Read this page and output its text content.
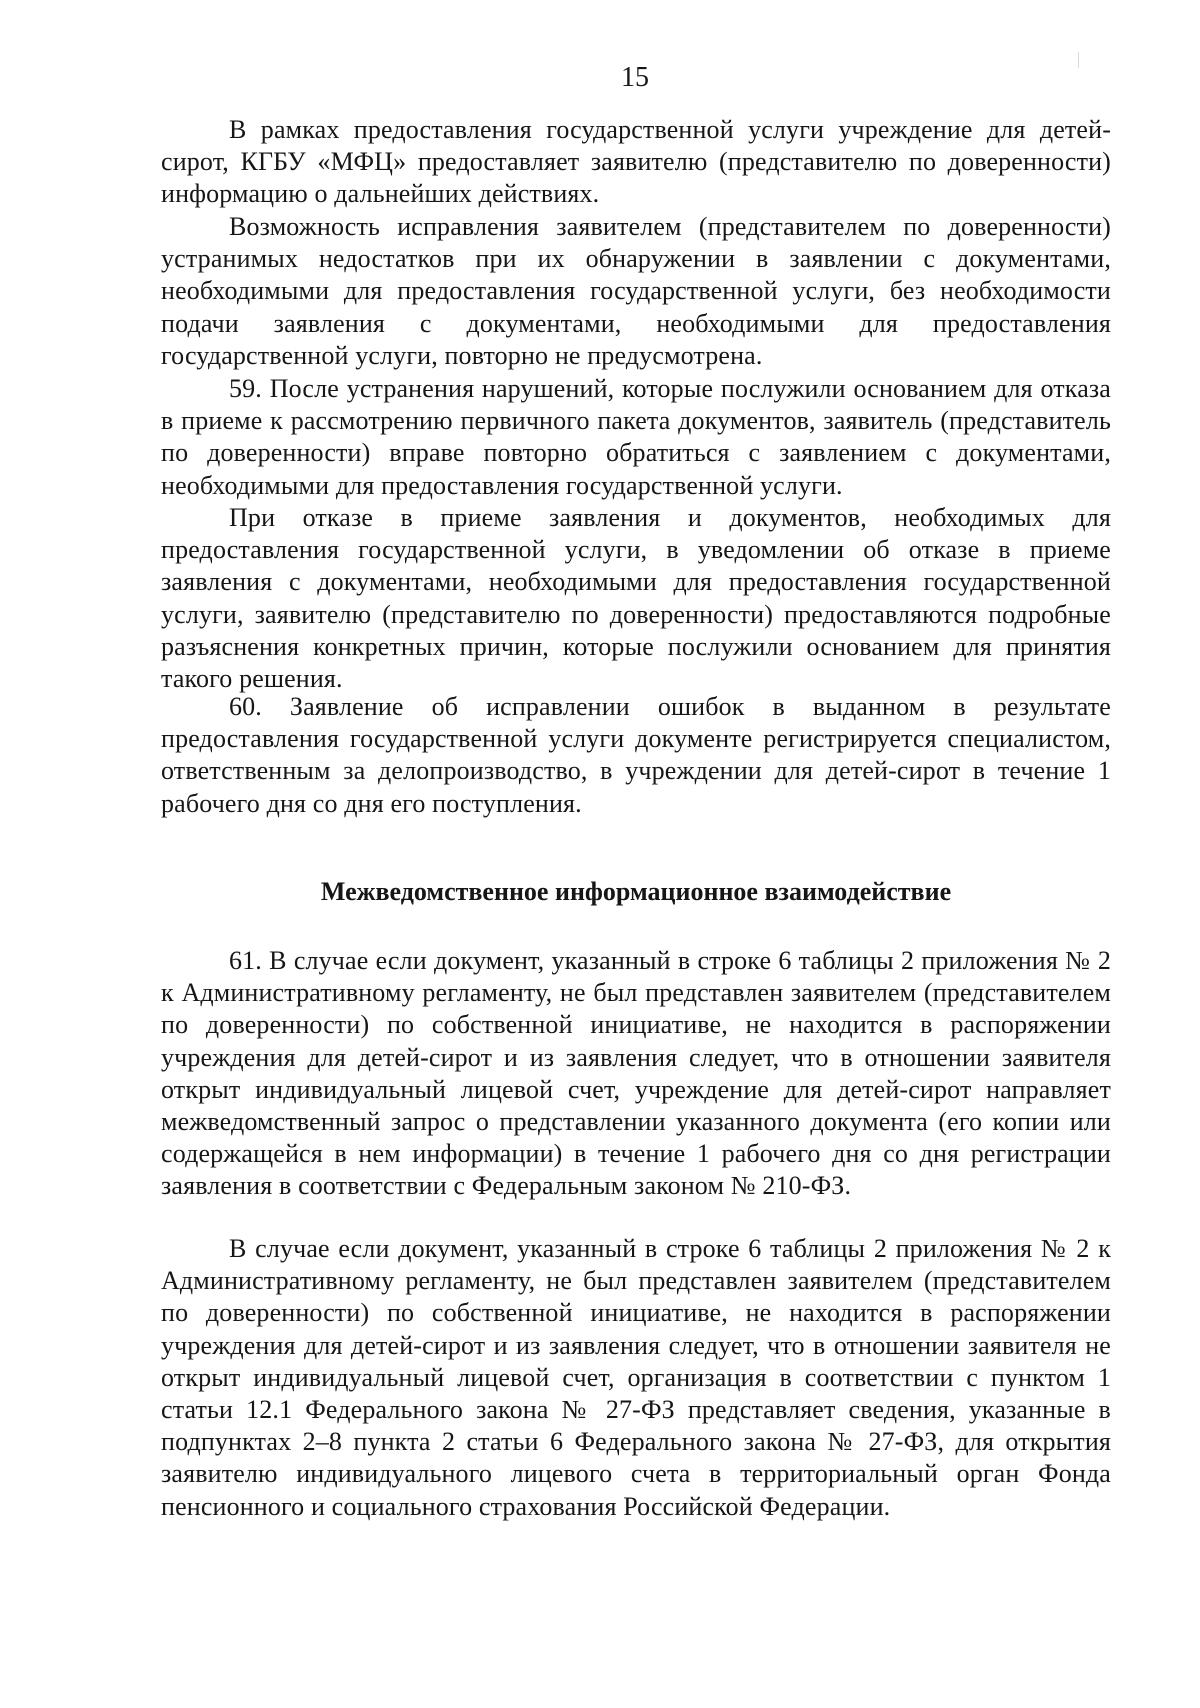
15

В рамках предоставления государственной услуги учреждение для детей-сирот, КГБУ «МФЦ» предоставляет заявителю (представителю по доверенности) информацию о дальнейших действиях.

Возможность исправления заявителем (представителем по доверенности) устранимых недостатков при их обнаружении в заявлении с документами, необходимыми для предоставления государственной услуги, без необходимости подачи заявления с документами, необходимыми для предоставления государственной услуги, повторно не предусмотрена.

59. После устранения нарушений, которые послужили основанием для отказа в приеме к рассмотрению первичного пакета документов, заявитель (представитель по доверенности) вправе повторно обратиться с заявлением с документами, необходимыми для предоставления государственной услуги.

При отказе в приеме заявления и документов, необходимых для предоставления государственной услуги, в уведомлении об отказе в приеме заявления с документами, необходимыми для предоставления государственной услуги, заявителю (представителю по доверенности) предоставляются подробные разъяснения конкретных причин, которые послужили основанием для принятия такого решения.

60. Заявление об исправлении ошибок в выданном в результате предоставления государственной услуги документе регистрируется специалистом, ответственным за делопроизводство, в учреждении для детей-сирот в течение 1 рабочего дня со дня его поступления.

Межведомственное информационное взаимодействие

61. В случае если документ, указанный в строке 6 таблицы 2 приложения № 2 к Административному регламенту, не был представлен заявителем (представителем по доверенности) по собственной инициативе, не находится в распоряжении учреждения для детей-сирот и из заявления следует, что в отношении заявителя открыт индивидуальный лицевой счет, учреждение для детей-сирот направляет межведомственный запрос о представлении указанного документа (его копии или содержащейся в нем информации) в течение 1 рабочего дня со дня регистрации заявления в соответствии с Федеральным законом № 210-ФЗ.

В случае если документ, указанный в строке 6 таблицы 2 приложения № 2 к Административному регламенту, не был представлен заявителем (представителем по доверенности) по собственной инициативе, не находится в распоряжении учреждения для детей-сирот и из заявления следует, что в отношении заявителя не открыт индивидуальный лицевой счет, организация в соответствии с пунктом 1 статьи 12.1 Федерального закона № 27-ФЗ представляет сведения, указанные в подпунктах 2–8 пункта 2 статьи 6 Федерального закона № 27-ФЗ, для открытия заявителю индивидуального лицевого счета в территориальный орган Фонда пенсионного и социального страхования Российской Федерации.
